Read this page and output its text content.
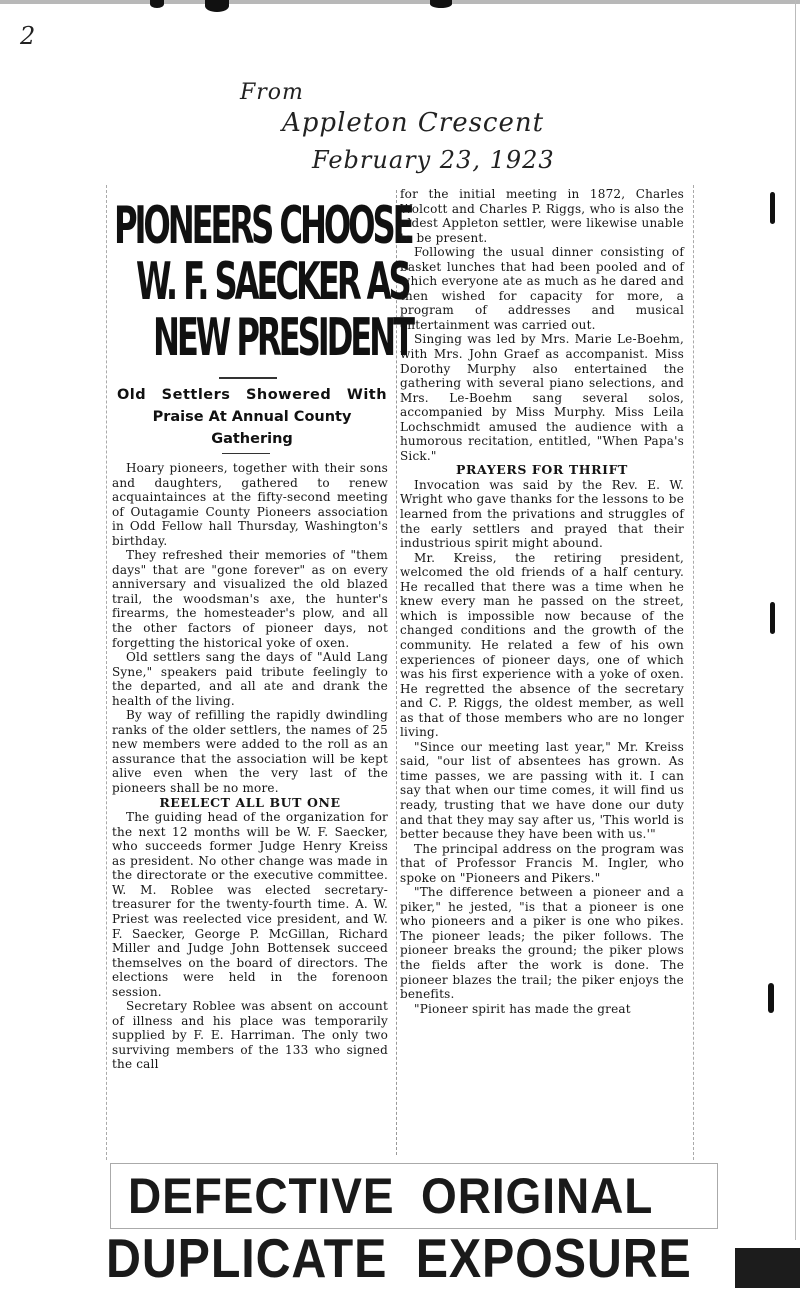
2
From
Appleton Crescent
February 23, 1923
PIONEERS CHOOSE
W. F. SAECKER AS
NEW PRESIDENT
Old Settlers Showered With
Praise At Annual County
Gathering

Hoary pioneers, together with their sons and daughters, gathered to renew acquaintainces at the fifty-second meeting of Outagamie County Pioneers association in Odd Fellow hall Thursday, Washington's birthday.

They refreshed their memories of "them days" that are "gone forever" as on every anniversary and visualized the old blazed trail, the woodsman's axe, the hunter's firearms, the homesteader's plow, and all the other factors of pioneer days, not forgetting the historical yoke of oxen.

Old settlers sang the days of "Auld Lang Syne," speakers paid tribute feelingly to the departed, and all ate and drank the health of the living.

By way of refilling the rapidly dwindling ranks of the older settlers, the names of 25 new members were added to the roll as an assurance that the association will be kept alive even when the very last of the pioneers shall be no more.

REELECT ALL BUT ONE

The guiding head of the organization for the next 12 months will be W. F. Saecker, who succeeds former Judge Henry Kreiss as president. No other change was made in the directorate or the executive committee. W. M. Roblee was elected secretary-treasurer for the twenty-fourth time. A. W. Priest was reelected vice president, and W. F. Saecker, George P. McGillan, Richard Miller and Judge John Bottensek succeed themselves on the board of directors. The elections were held in the forenoon session.

Secretary Roblee was absent on account of illness and his place was temporarily supplied by F. E. Harriman. The only two surviving members of the 133 who signed the call

for the initial meeting in 1872, Charles Wolcott and Charles P. Riggs, who is also the oldest Appleton settler, were likewise unable to be present.

Following the usual dinner consisting of basket lunches that had been pooled and of which everyone ate as much as he dared and then wished for capacity for more, a program of addresses and musical entertainment was carried out.

Singing was led by Mrs. Marie Le-Boehm, with Mrs. John Graef as accompanist. Miss Dorothy Murphy also entertained the gathering with several piano selections, and Mrs. Le-Boehm sang several solos, accompanied by Miss Murphy. Miss Leila Lochschmidt amused the audience with a humorous recitation, entitled, "When Papa's Sick."

PRAYERS FOR THRIFT

Invocation was said by the Rev. E. W. Wright who gave thanks for the lessons to be learned from the privations and struggles of the early settlers and prayed that their industrious spirit might abound.

Mr. Kreiss, the retiring president, welcomed the old friends of a half century. He recalled that there was a time when he knew every man he passed on the street, which is impossible now because of the changed conditions and the growth of the community. He related a few of his own experiences of pioneer days, one of which was his first experience with a yoke of oxen. He regretted the absence of the secretary and C. P. Riggs, the oldest member, as well as that of those members who are no longer living.

"Since our meeting last year," Mr. Kreiss said, "our list of absentees has grown. As time passes, we are passing with it. I can say that when our time comes, it will find us ready, trusting that we have done our duty and that they may say after us, 'This world is better because they have been with us.'"

The principal address on the program was that of Professor Francis M. Ingler, who spoke on "Pioneers and Pikers."

"The difference between a pioneer and a piker," he jested, "is that a pioneer is one who pioneers and a piker is one who pikes. The pioneer leads; the piker follows. The pioneer breaks the ground; the piker plows the fields after the work is done. The pioneer blazes the trail; the piker enjoys the benefits.

"Pioneer spirit has made the great

DEFECTIVE ORIGINAL
DUPLICATE EXPOSURE
